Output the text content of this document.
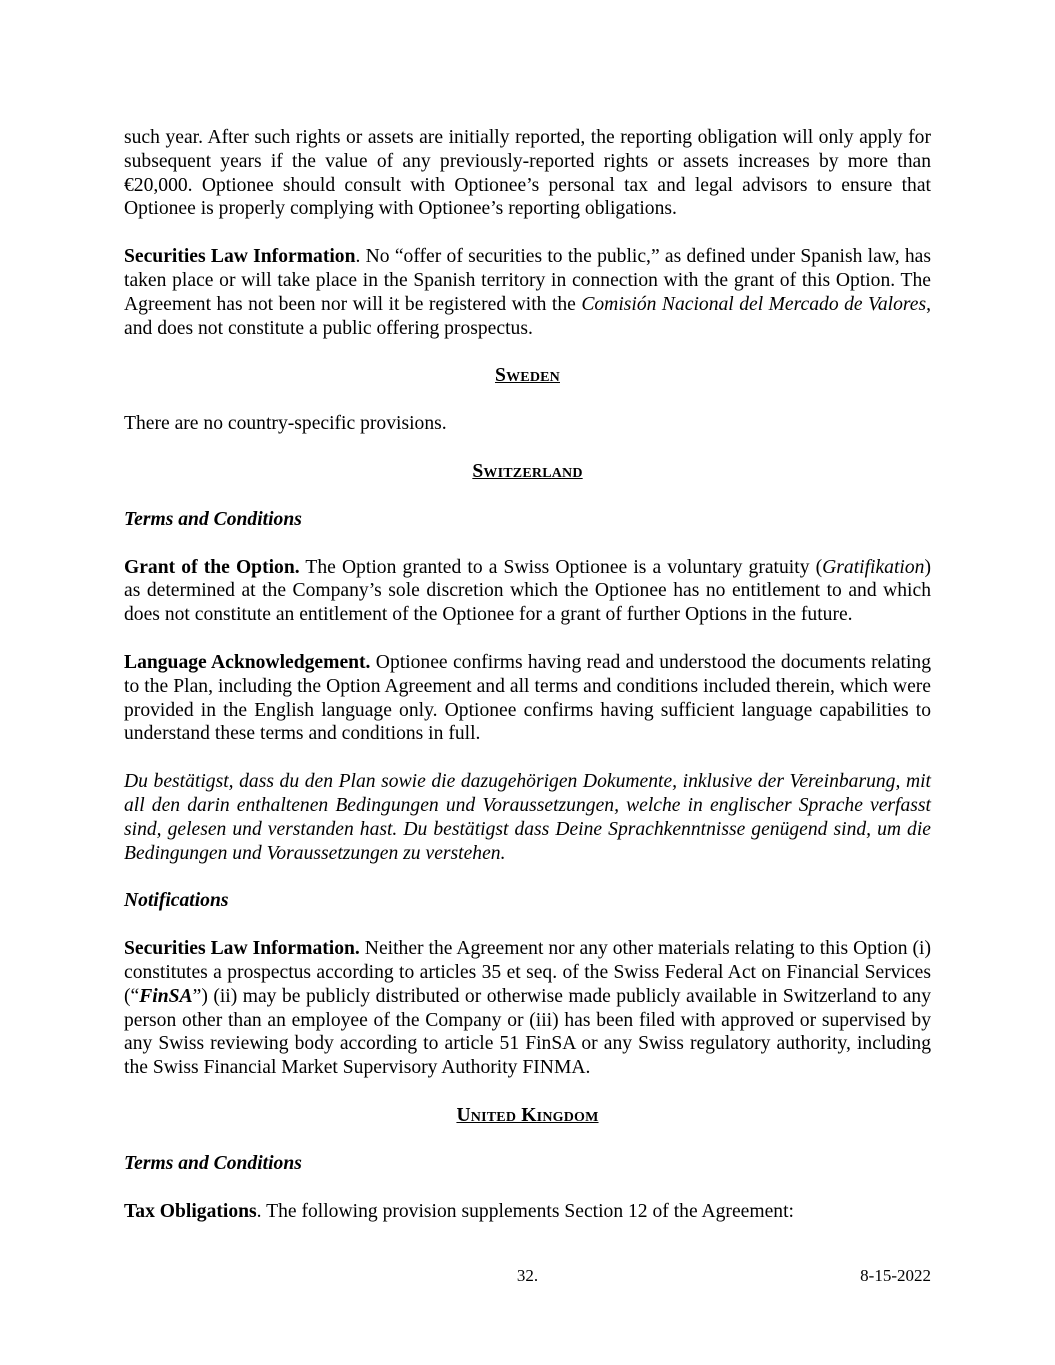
such year. After such rights or assets are initially reported, the reporting obligation will only apply for subsequent years if the value of any previously-reported rights or assets increases by more than €20,000. Optionee should consult with Optionee’s personal tax and legal advisors to ensure that Optionee is properly complying with Optionee’s reporting obligations.

Securities Law Information. No “offer of securities to the public,” as defined under Spanish law, has taken place or will take place in the Spanish territory in connection with the grant of this Option. The Agreement has not been nor will it be registered with the Comisión Nacional del Mercado de Valores, and does not constitute a public offering prospectus.

Sweden

There are no country-specific provisions.

Switzerland

Terms and Conditions

Grant of the Option. The Option granted to a Swiss Optionee is a voluntary gratuity (Gratifikation) as determined at the Company’s sole discretion which the Optionee has no entitlement to and which does not constitute an entitlement of the Optionee for a grant of further Options in the future.

Language Acknowledgement. Optionee confirms having read and understood the documents relating to the Plan, including the Option Agreement and all terms and conditions included therein, which were provided in the English language only. Optionee confirms having sufficient language capabilities to understand these terms and conditions in full.

Du bestätigst, dass du den Plan sowie die dazugehörigen Dokumente, inklusive der Vereinbarung, mit all den darin enthaltenen Bedingungen und Voraussetzungen, welche in englischer Sprache verfasst sind, gelesen und verstanden hast. Du bestätigst dass Deine Sprachkenntnisse genügend sind, um die Bedingungen und Voraussetzungen zu verstehen.

Notifications

Securities Law Information. Neither the Agreement nor any other materials relating to this Option (i) constitutes a prospectus according to articles 35 et seq. of the Swiss Federal Act on Financial Services (“FinSA”) (ii) may be publicly distributed or otherwise made publicly available in Switzerland to any person other than an employee of the Company or (iii) has been filed with approved or supervised by any Swiss reviewing body according to article 51 FinSA or any Swiss regulatory authority, including the Swiss Financial Market Supervisory Authority FINMA.

United Kingdom

Terms and Conditions

Tax Obligations. The following provision supplements Section 12 of the Agreement:

32.	8-15-2022
